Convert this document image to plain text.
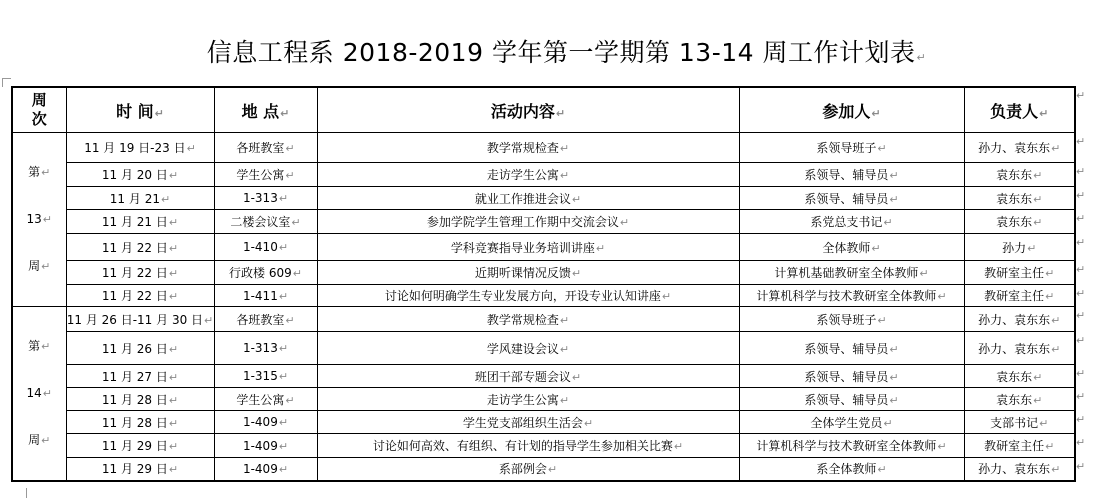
信息工程系 2018-2019 学年第一学期第 13-14 周工作计划表↵
周
次	时 间↵	地 点↵	活动内容↵	参加人↵	负责人↵
第↵
13↵
周↵	11 月 19 日-23 日↵	各班教室↵	教学常规检查↵	系领导班子↵	孙力、袁东东↵
	11 月 20 日↵	学生公寓↵	走访学生公寓↵	系领导、辅导员↵	袁东东↵
	11 月 21↵	1-313↵	就业工作推进会议↵	系领导、辅导员↵	袁东东↵
	11 月 21 日↵	二楼会议室↵	参加学院学生管理工作期中交流会议↵	系党总支书记↵	袁东东↵
	11 月 22 日↵	1-410↵	学科竞赛指导业务培训讲座↵	全体教师↵	孙力↵
	11 月 22 日↵	行政楼 609↵	近期听课情况反馈↵	计算机基础教研室全体教师↵	教研室主任↵
	11 月 22 日↵	1-411↵	讨论如何明确学生专业发展方向，开设专业认知讲座↵	计算机科学与技术教研室全体教师↵	教研室主任↵
第↵
14↵
周↵	11 月 26 日-11 月 30 日↵	各班教室↵	教学常规检查↵	系领导班子↵	孙力、袁东东↵
	11 月 26 日↵	1-313↵	学风建设会议↵	系领导、辅导员↵	孙力、袁东东↵
	11 月 27 日↵	1-315↵	班团干部专题会议↵	系领导、辅导员↵	袁东东↵
	11 月 28 日↵	学生公寓↵	走访学生公寓↵	系领导、辅导员↵	袁东东↵
	11 月 28 日↵	1-409↵	学生党支部组织生活会↵	全体学生党员↵	支部书记↵
	11 月 29 日↵	1-409↵	讨论如何高效、有组织、有计划的指导学生参加相关比赛↵	计算机科学与技术教研室全体教师↵	教研室主任↵
	11 月 29 日↵	1-409↵	系部例会↵	系全体教师↵	孙力、袁东东↵
↵
↵
↵
↵
↵
↵
↵
↵
↵
↵
↵
↵
↵
↵
↵
